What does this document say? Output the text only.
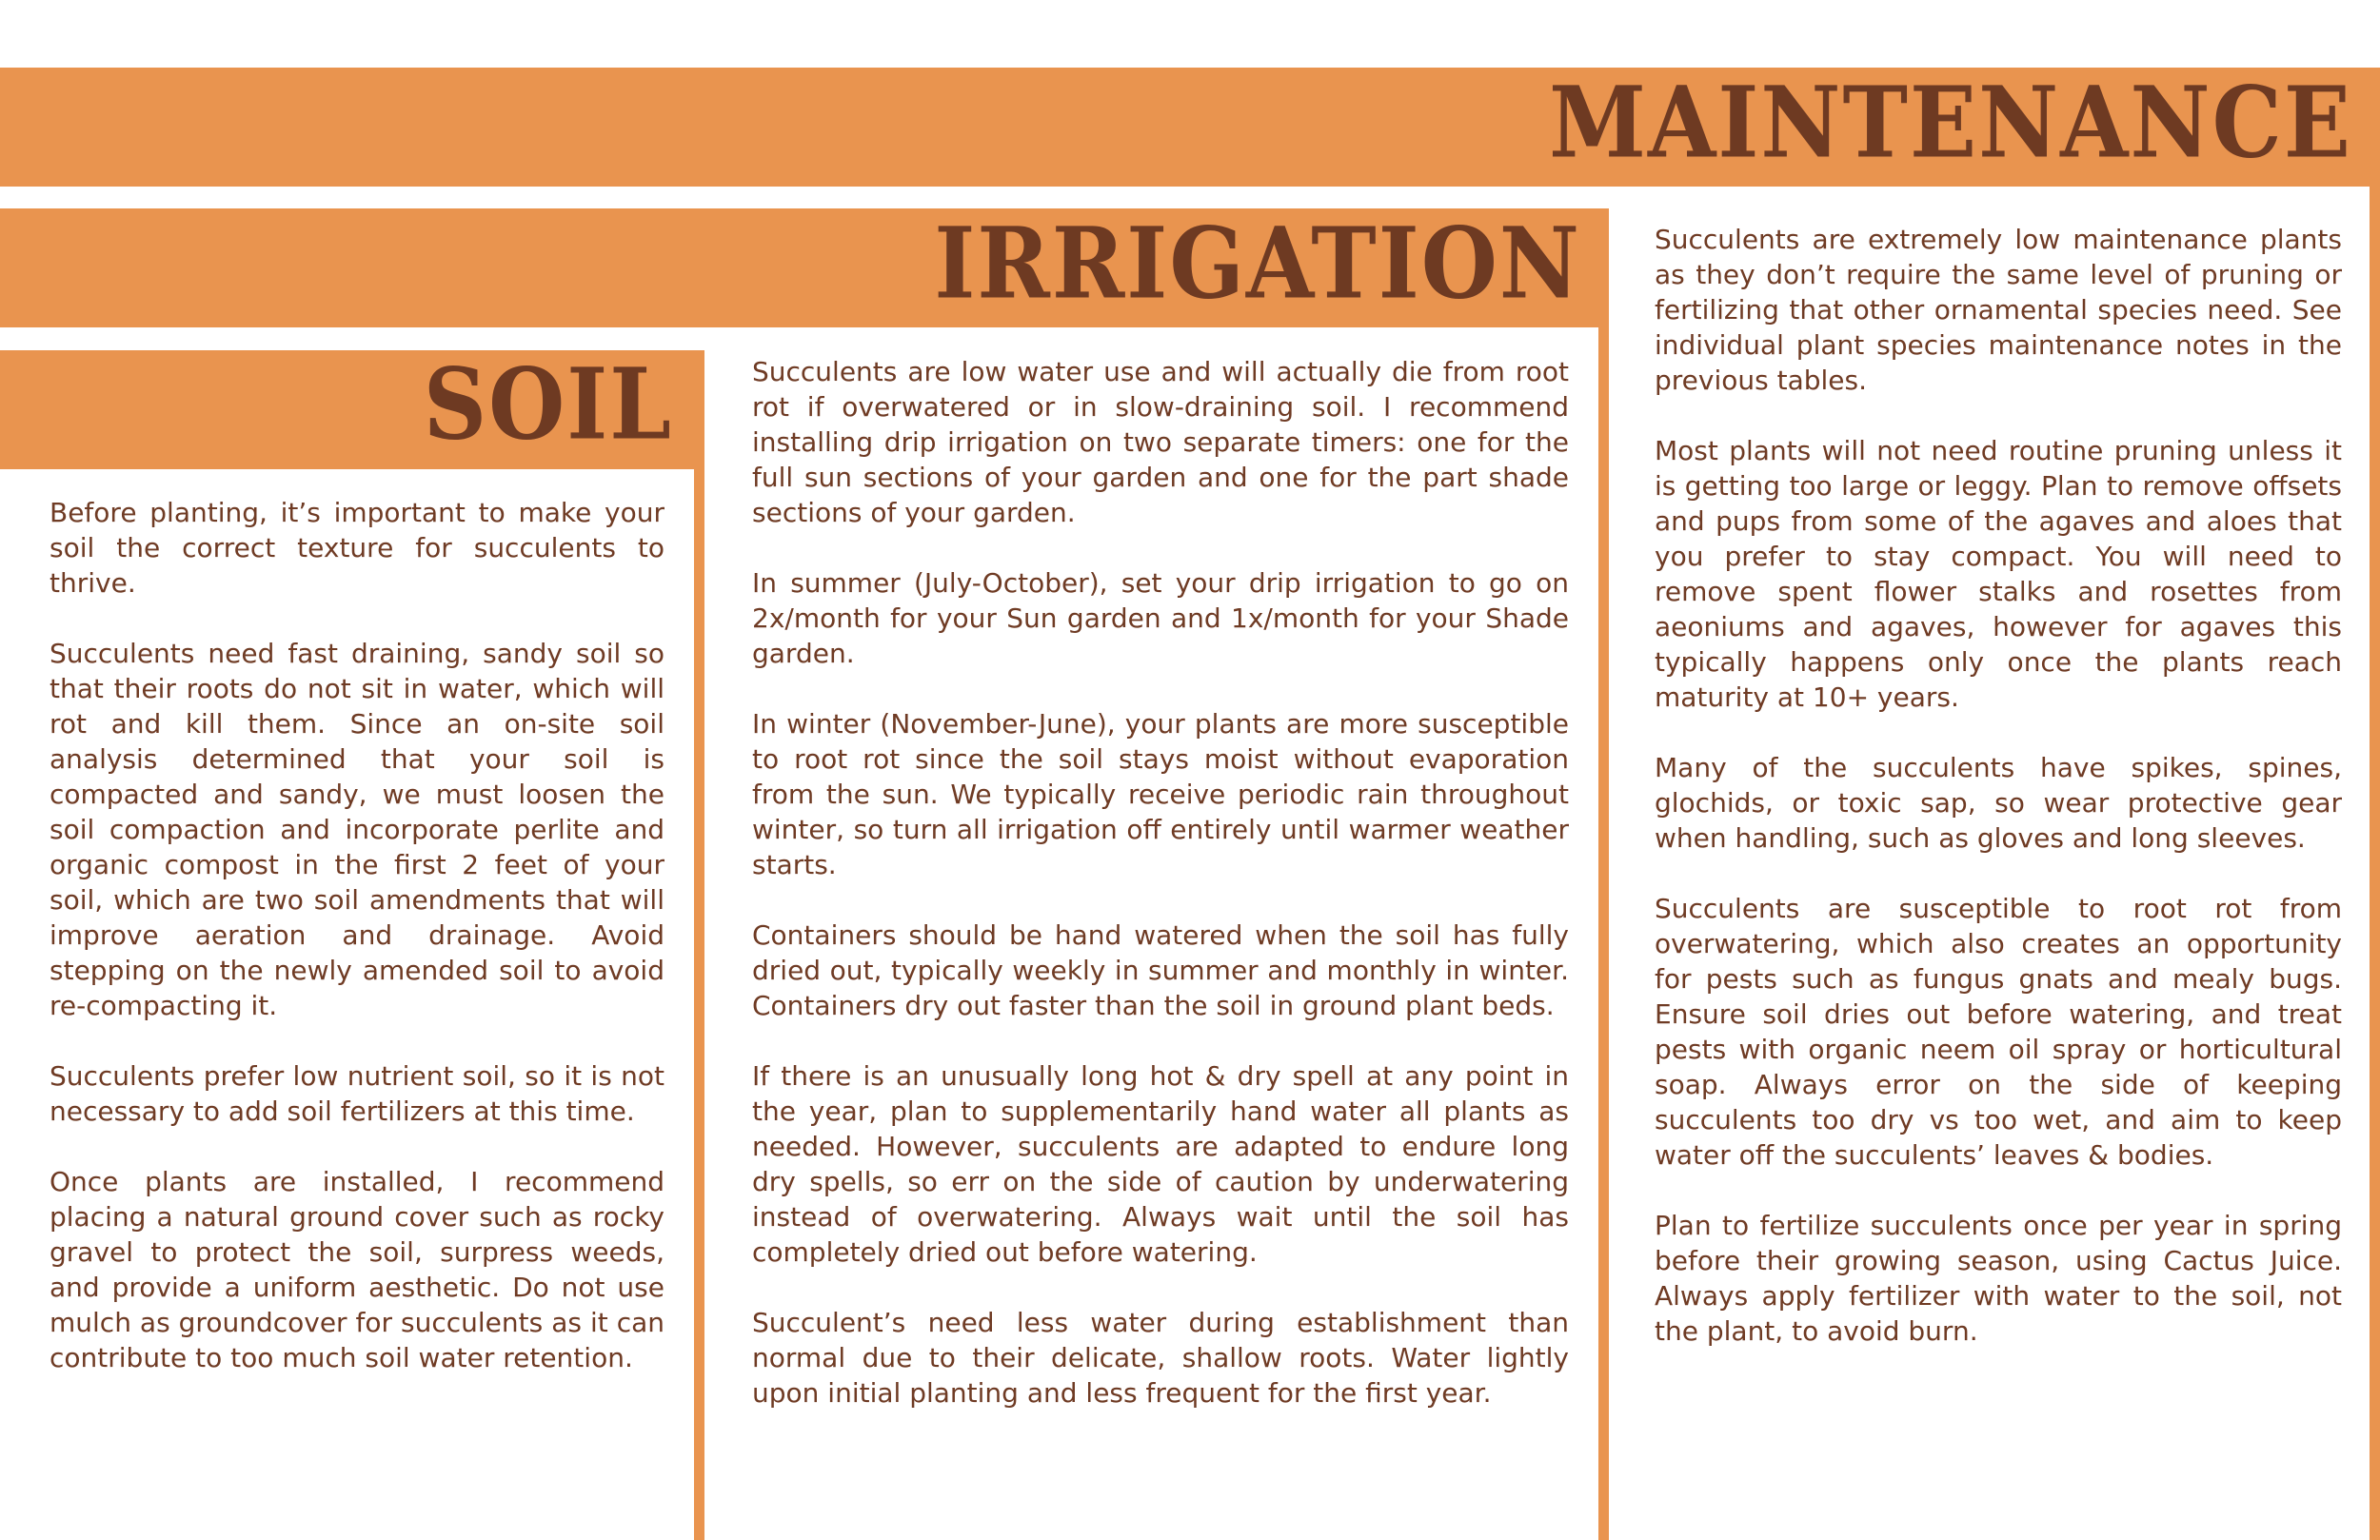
MAINTENANCE
IRRIGATION
SOIL

Before planting, it’s important to make your soil the correct texture for succulents to thrive.

Succulents need fast draining, sandy soil so that their roots do not sit in water, which will rot and kill them. Since an on-site soil analysis determined that your soil is compacted and sandy, we must loosen the soil compaction and incorporate perlite and organic compost in the first 2 feet of your soil, which are two soil amendments that will improve aeration and drainage. Avoid stepping on the newly amended soil to avoid re-compacting it.

Succulents prefer low nutrient soil, so it is not necessary to add soil fertilizers at this time.

Once plants are installed, I recommend placing a natural ground cover such as rocky gravel to protect the soil, surpress weeds, and provide a uniform aesthetic. Do not use mulch as groundcover for succulents as it can contribute to too much soil water retention.

Succulents are low water use and will actually die from root rot if overwatered or in slow-draining soil. I recommend installing drip irrigation on two separate timers: one for the full sun sections of your garden and one for the part shade sections of your garden.

In summer (July-October), set your drip irrigation to go on 2x/month for your Sun garden and 1x/month for your Shade garden.

In winter (November-June), your plants are more susceptible to root rot since the soil stays moist without evaporation from the sun. We typically receive periodic rain throughout winter, so turn all irrigation off entirely until warmer weather starts.

Containers should be hand watered when the soil has fully dried out, typically weekly in summer and monthly in winter. Containers dry out faster than the soil in ground plant beds.

If there is an unusually long hot & dry spell at any point in the year, plan to supplementarily hand water all plants as needed. However, succulents are adapted to endure long dry spells, so err on the side of caution by underwatering instead of overwatering. Always wait until the soil has completely dried out before watering.

Succulent’s need less water during establishment than normal due to their delicate, shallow roots. Water lightly upon initial planting and less frequent for the first year.

Succulents are extremely low maintenance plants as they don’t require the same level of pruning or fertilizing that other ornamental species need. See individual plant species maintenance notes in the previous tables.

Most plants will not need routine pruning unless it is getting too large or leggy. Plan to remove offsets and pups from some of the agaves and aloes that you prefer to stay compact. You will need to remove spent flower stalks and rosettes from aeoniums and agaves, however for agaves this typically happens only once the plants reach maturity at 10+ years.

Many of the succulents have spikes, spines, glochids, or toxic sap, so wear protective gear when handling, such as gloves and long sleeves.

Succulents are susceptible to root rot from overwatering, which also creates an opportunity for pests such as fungus gnats and mealy bugs. Ensure soil dries out before watering, and treat pests with organic neem oil spray or horticultural soap. Always error on the side of keeping succulents too dry vs too wet, and aim to keep water off the succulents’ leaves & bodies.

Plan to fertilize succulents once per year in spring before their growing season, using Cactus Juice. Always apply fertilizer with water to the soil, not the plant, to avoid burn.
